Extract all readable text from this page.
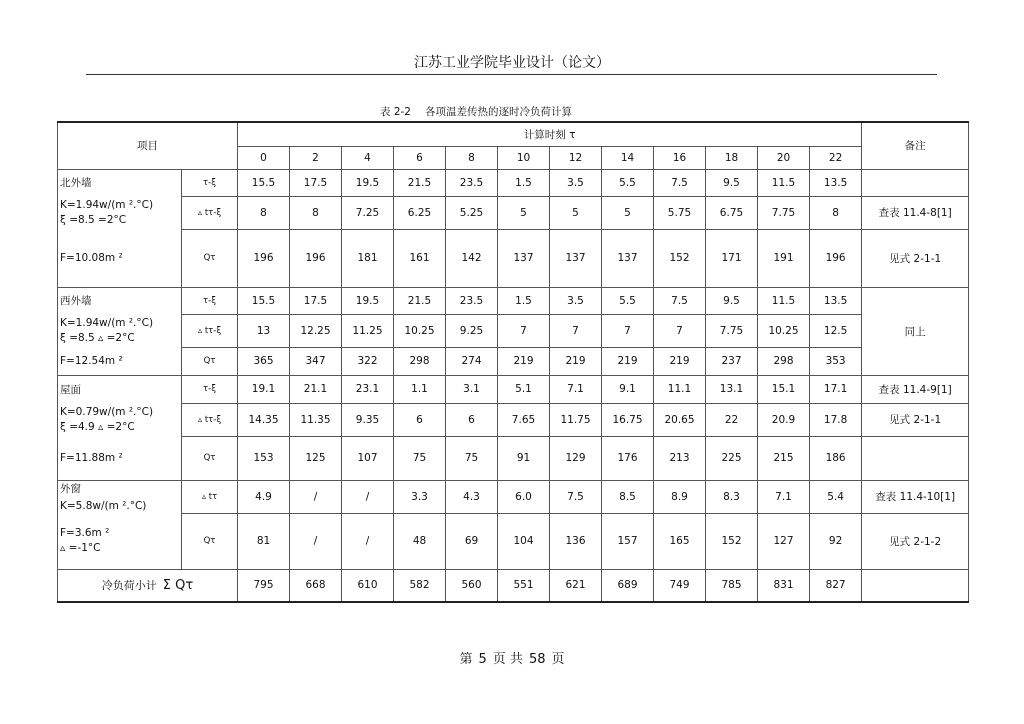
江苏工业学院毕业设计（论文）
表 2-2 各项温差传热的逐时冷负荷计算
项目		计算时刻 τ												备注
		0	2	4	6	8	10	12	14	16	18	20	22	

北外墙	τ-ξ	15.5	17.5	19.5	21.5	23.5	1.5	3.5	5.5	7.5	9.5	11.5	13.5	

K=1.94w/(m ².°C)
ξ =8.5 =2°C	▵ tτ-ξ	8	8	7.25	6.25	5.25	5	5	5	5.75	6.75	7.75	8	查表 11.4-8[1]

F=10.08m ²	Qτ	196	196	181	161	142	137	137	137	152	171	191	196	见式 2-1-1

西外墙	τ-ξ	15.5	17.5	19.5	21.5	23.5	1.5	3.5	5.5	7.5	9.5	11.5	13.5	同上

K=1.94w/(m ².°C)
ξ =8.5 ▵ =2°C	▵ tτ-ξ	13	12.25	11.25	10.25	9.25	7	7	7	7	7.75	10.25	12.5	

F=12.54m ²	Qτ	365	347	322	298	274	219	219	219	219	237	298	353	

屋面	τ-ξ	19.1	21.1	23.1	1.1	3.1	5.1	7.1	9.1	11.1	13.1	15.1	17.1	查表 11.4-9[1]

K=0.79w/(m ².°C)
ξ =4.9 ▵ =2°C	▵ tτ-ξ	14.35	11.35	9.35	6	6	7.65	11.75	16.75	20.65	22	20.9	17.8	见式 2-1-1

F=11.88m ²	Qτ	153	125	107	75	75	91	129	176	213	225	215	186	

外窗
K=5.8w/(m ².°C)	▵ tτ	4.9	/	/	3.3	4.3	6.0	7.5	8.5	8.9	8.3	7.1	5.4	查表 11.4-10[1]

F=3.6m ²
▵ =-1°C	Qτ	81	/	/	48	69	104	136	157	165	152	127	92	见式 2-1-2
冷负荷小计 Σ Qτ		795	668	610	582	560	551	621	689	749	785	831	827	
第 5 页 共 58 页
